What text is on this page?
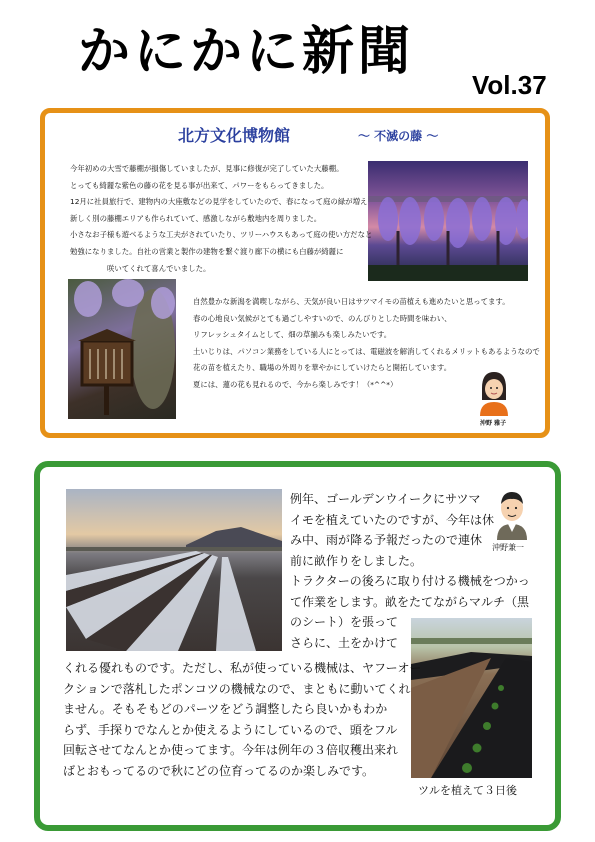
かにかに新聞
Vol.37
北方文化博物館	～ 不滅の藤 ～
今年初めの大雪で藤棚が損傷していましたが、見事に修復が完了していた大藤棚。
とっても綺麗な紫色の藤の花を見る事が出来て、パワーをもらってきました。
12月に社員旅行で、建物内の大座敷などの見学をしていたので、春になって庭の緑が増え
新しく別の藤棚エリアも作られていて、感激しながら敷地内を周りました。
小さなお子様も遊べるような工夫がされていたり、ツリーハウスもあって庭の使い方だなと
勉強になりました。自社の営業と製作の建物を繋ぐ渡り廊下の横にも白藤が綺麗に
　　　　　咲いてくれて喜んでいました。
自然豊かな新潟を満喫しながら、天気が良い日はサツマイモの苗植えも進めたいと思ってます。
春の心地良い気候がとても過ごしやすいので、のんびりとした時間を味わい、
リフレッシュタイムとして、畑の草揃みも楽しみたいです。
土いじりは、パソコン業務をしている人にとっては、電磁波を解消してくれるメリットもあるようなので
花の苗を植えたり、職場の外周りを華やかにしていけたらと開拓しています。
夏には、蓮の花も見れるので、今から楽しみです！（*^^*）
沖野 雅子
沖野兼一
例年、ゴールデンウイークにサツマ
イモを植えていたのですが、今年は休
み中、雨が降る予報だったので連休
前に畝作りをしました。
トラクターの後ろに取り付ける機械をつかっ
て作業をします。畝をたてながらマルチ（黒
のシート）を張って
さらに、土をかけて
くれる優れものです。ただし、私が使っている機械は、ヤフーオー
クションで落札したポンコツの機械なので、まともに動いてくれ
ません。そもそもどのパーツをどう調整したら良いかもわか
らず、手探りでなんとか使えるようにしているので、頭をフル
回転させてなんとか使ってます。今年は例年の３倍収穫出来れ
ばとおもってるので秋にどの位育ってるのか楽しみです。
ツルを植えて３日後
